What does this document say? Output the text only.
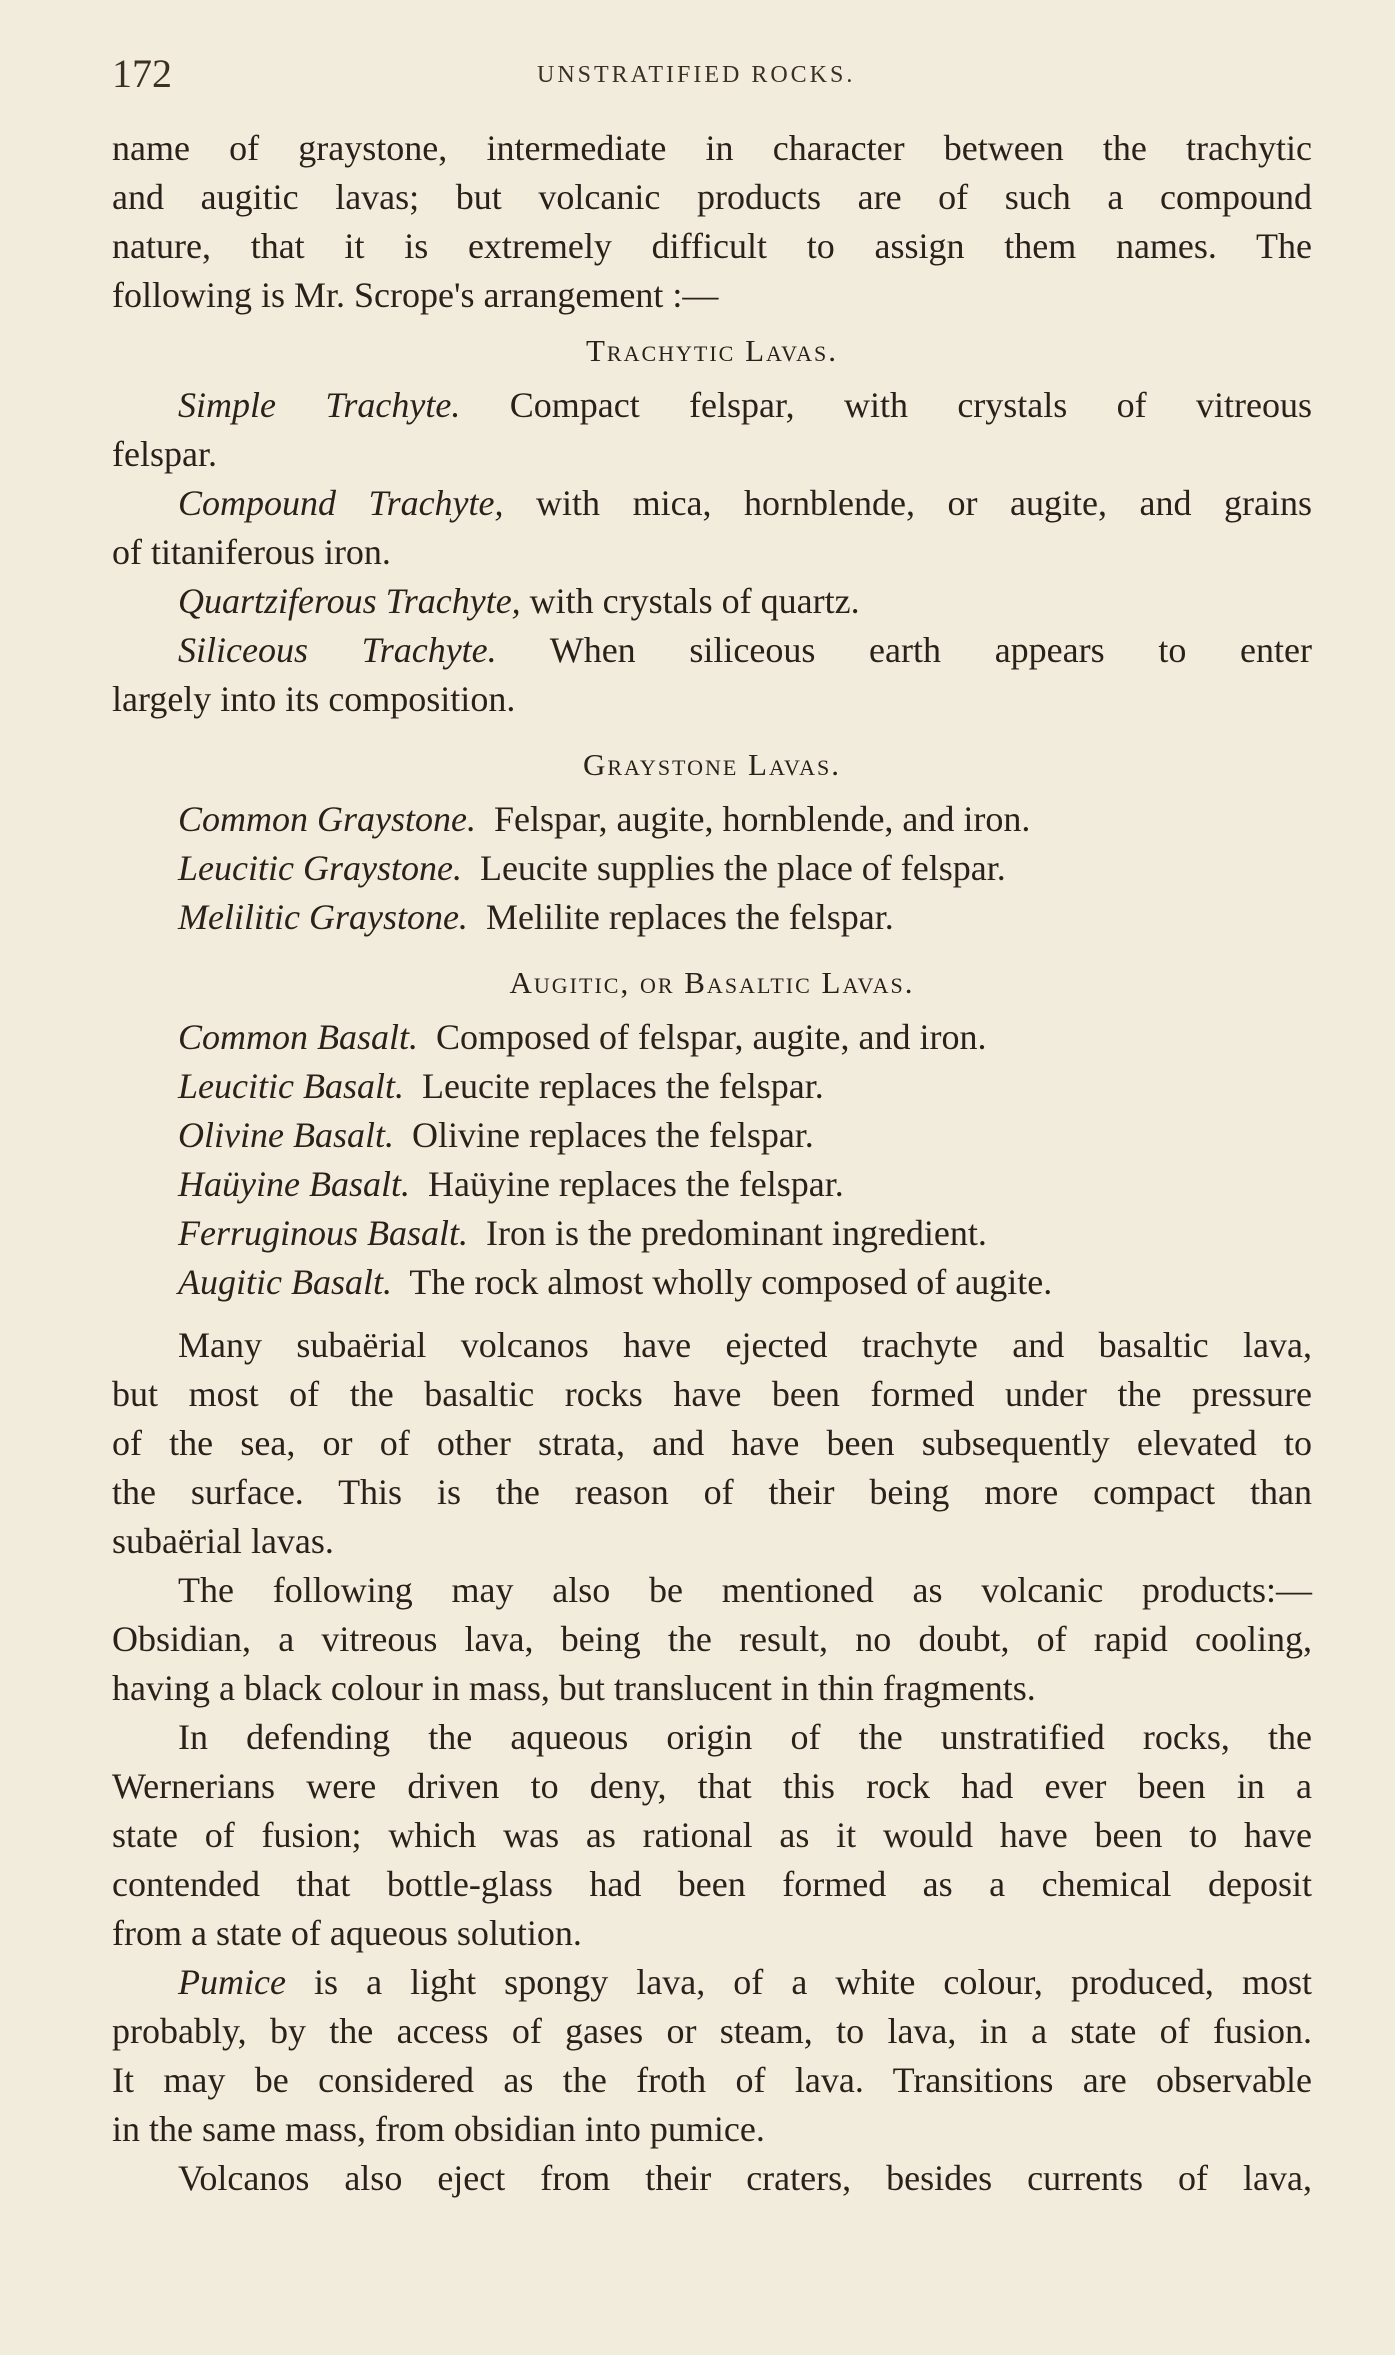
172	UNSTRATIFIED ROCKS.
name of graystone, intermediate in character between the trachytic
and augitic lavas; but volcanic products are of such a compound
nature, that it is extremely difficult to assign them names. The
following is Mr. Scrope's arrangement :—
Trachytic Lavas.
Simple Trachyte. Compact felspar, with crystals of vitreous
felspar.
Compound Trachyte, with mica, hornblende, or augite, and grains
of titaniferous iron.
Quartziferous Trachyte, with crystals of quartz.
Siliceous Trachyte. When siliceous earth appears to enter
largely into its composition.
Graystone Lavas.
Common Graystone. Felspar, augite, hornblende, and iron.
Leucitic Graystone. Leucite supplies the place of felspar.
Melilitic Graystone. Melilite replaces the felspar.
Augitic, or Basaltic Lavas.
Common Basalt. Composed of felspar, augite, and iron.
Leucitic Basalt. Leucite replaces the felspar.
Olivine Basalt. Olivine replaces the felspar.
Haüyine Basalt. Haüyine replaces the felspar.
Ferruginous Basalt. Iron is the predominant ingredient.
Augitic Basalt. The rock almost wholly composed of augite.
Many subaërial volcanos have ejected trachyte and basaltic lava,
but most of the basaltic rocks have been formed under the pressure
of the sea, or of other strata, and have been subsequently elevated to
the surface. This is the reason of their being more compact than
subaërial lavas.
The following may also be mentioned as volcanic products:—
Obsidian, a vitreous lava, being the result, no doubt, of rapid cooling,
having a black colour in mass, but translucent in thin fragments.
In defending the aqueous origin of the unstratified rocks, the
Wernerians were driven to deny, that this rock had ever been in a
state of fusion; which was as rational as it would have been to have
contended that bottle-glass had been formed as a chemical deposit
from a state of aqueous solution.
Pumice is a light spongy lava, of a white colour, produced, most
probably, by the access of gases or steam, to lava, in a state of fusion.
It may be considered as the froth of lava. Transitions are observable
in the same mass, from obsidian into pumice.
Volcanos also eject from their craters, besides currents of lava,
